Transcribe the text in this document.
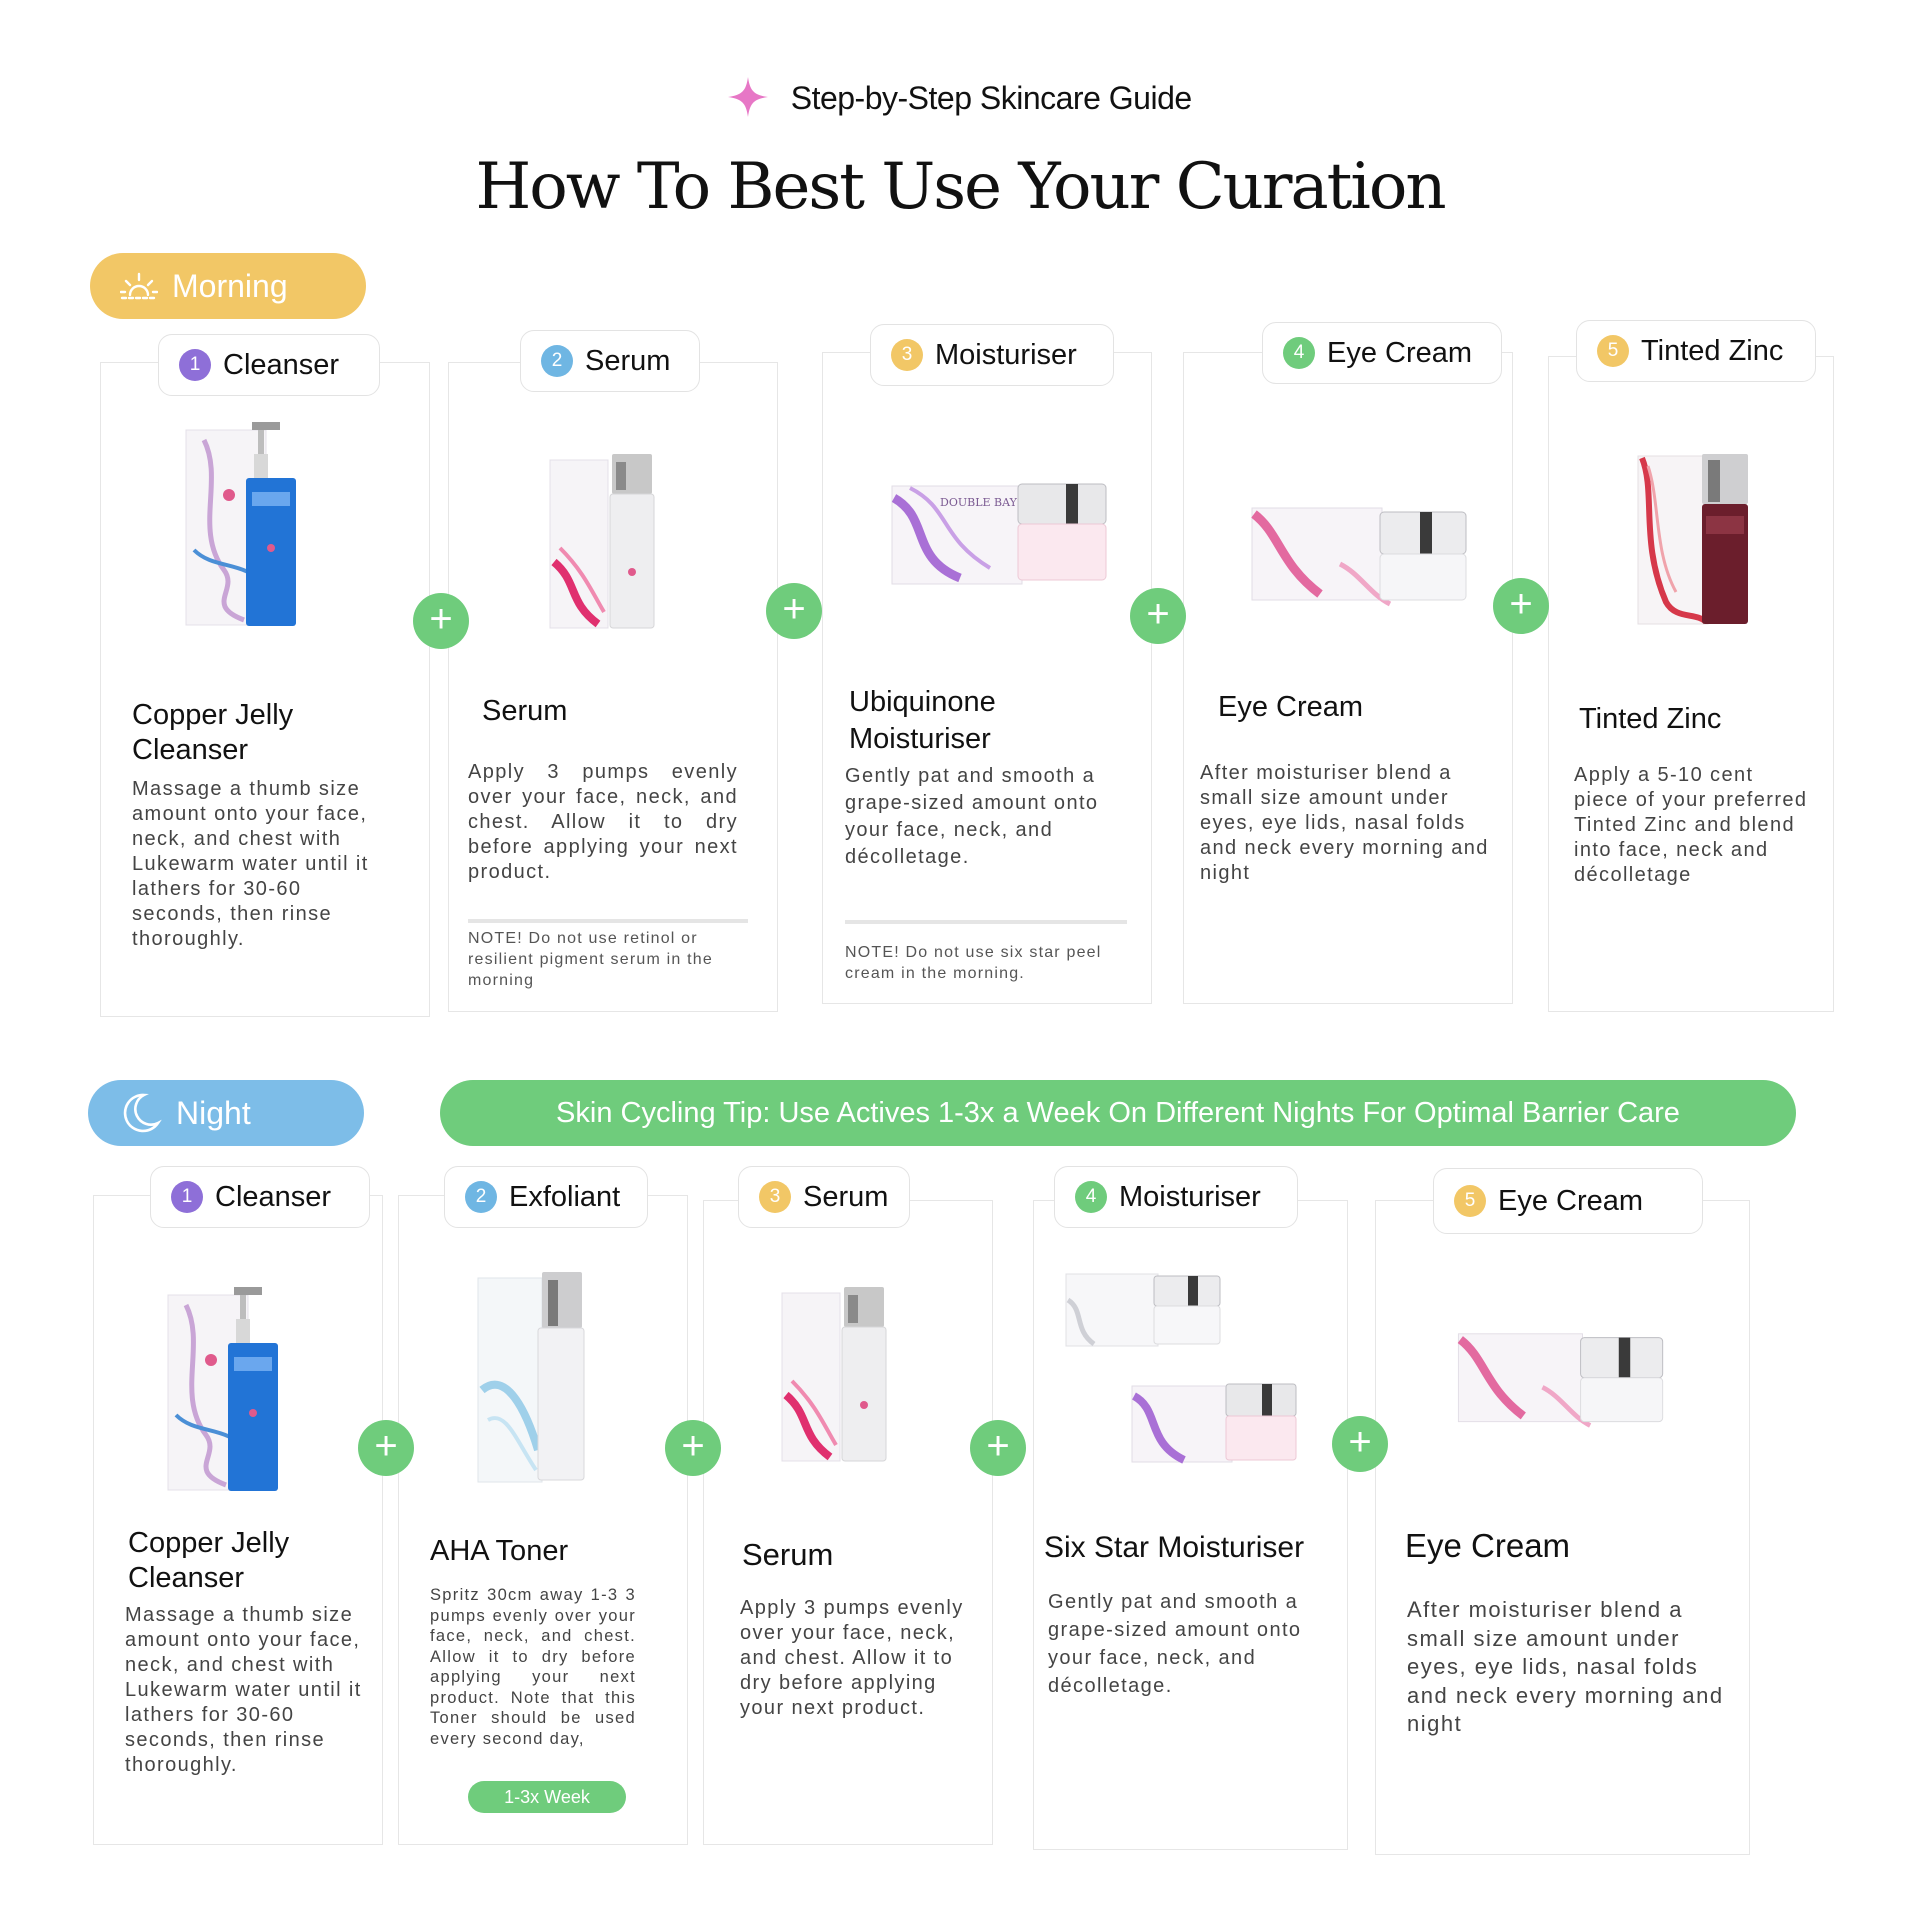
Step-by-Step Skincare Guide
How To Best Use Your Curation
Morning
1 Cleanser
Copper Jelly Cleanser
Massage a thumb size amount onto your face, neck, and chest with Lukewarm water until it lathers for 30-60 seconds, then rinse thoroughly.
+
2 Serum
Serum
Apply 3 pumps evenly over your face, neck, and chest. Allow it to dry before applying your next product.
NOTE! Do not use retinol or resilient pigment serum in the morning
+
3 Moisturiser
DOUBLE BAY
Ubiquinone Moisturiser
Gently pat and smooth a grape-sized amount onto your face, neck, and décolletage.
NOTE! Do not use six star peel cream in the morning.
+
4 Eye Cream
Eye Cream
After moisturiser blend a small size amount under eyes, eye lids, nasal folds and neck every morning and night
+
5 Tinted Zinc
Tinted Zinc
Apply a 5-10 cent piece of your preferred Tinted Zinc and blend into face, neck and décolletage
Night	Skin Cycling Tip: Use Actives 1-3x a Week On Different Nights For Optimal Barrier Care
1 Cleanser
Copper Jelly Cleanser
Massage a thumb size amount onto your face, neck, and chest with Lukewarm water until it lathers for 30-60 seconds, then rinse thoroughly.
+
2 Exfoliant
AHA Toner
Spritz 30cm away 1-3 3 pumps evenly over your face, neck, and chest. Allow it to dry before applying your next product. Note that this Toner should be used every second day,
1-3x Week
+
3 Serum
Serum
Apply 3 pumps evenly over your face, neck, and chest. Allow it to dry before applying your next product.
+
4 Moisturiser
Six Star Moisturiser
Gently pat and smooth a grape-sized amount onto your face, neck, and décolletage.
+
5 Eye Cream
Eye Cream
After moisturiser blend a small size amount under eyes, eye lids, nasal folds and neck every morning and night
